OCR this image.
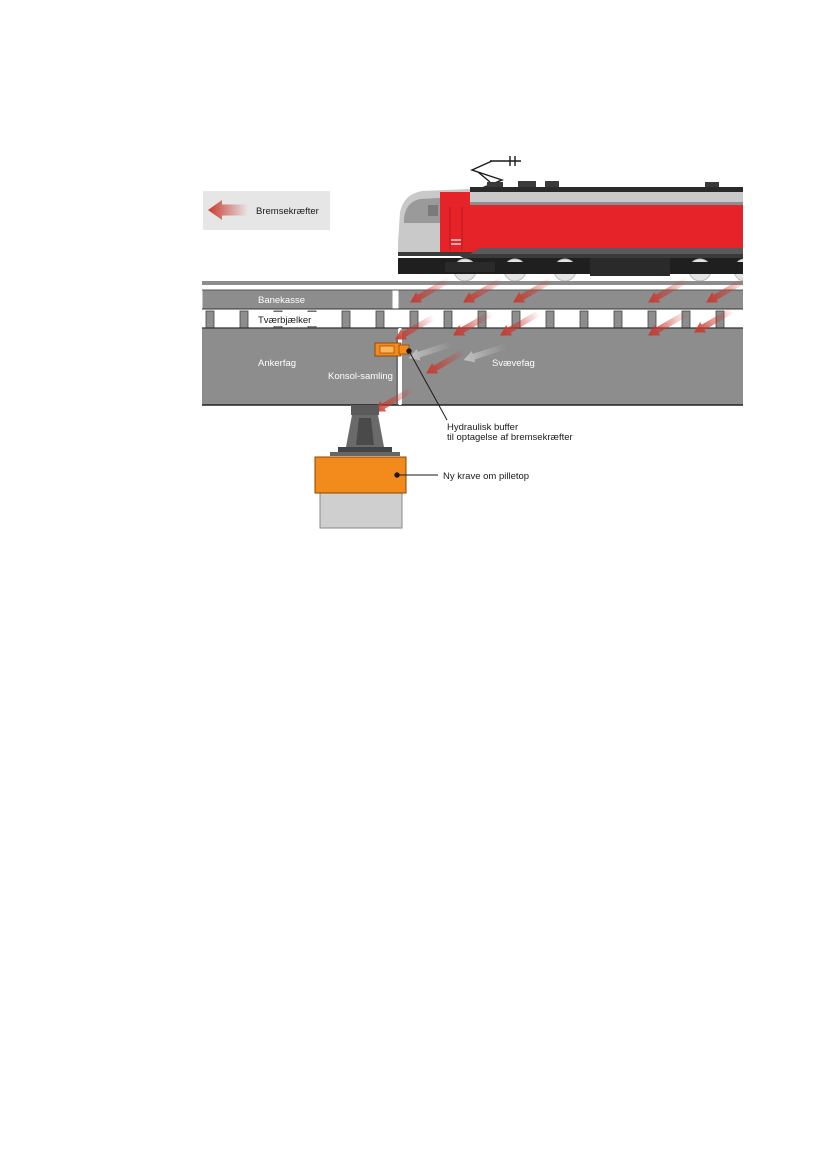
Bremsekræfter
Banekasse
Tværbjælker
Ankerfag
Konsol-samling
Svævefag
Hydraulisk buffer
til optagelse af bremsekræfter
Ny krave om pilletop
